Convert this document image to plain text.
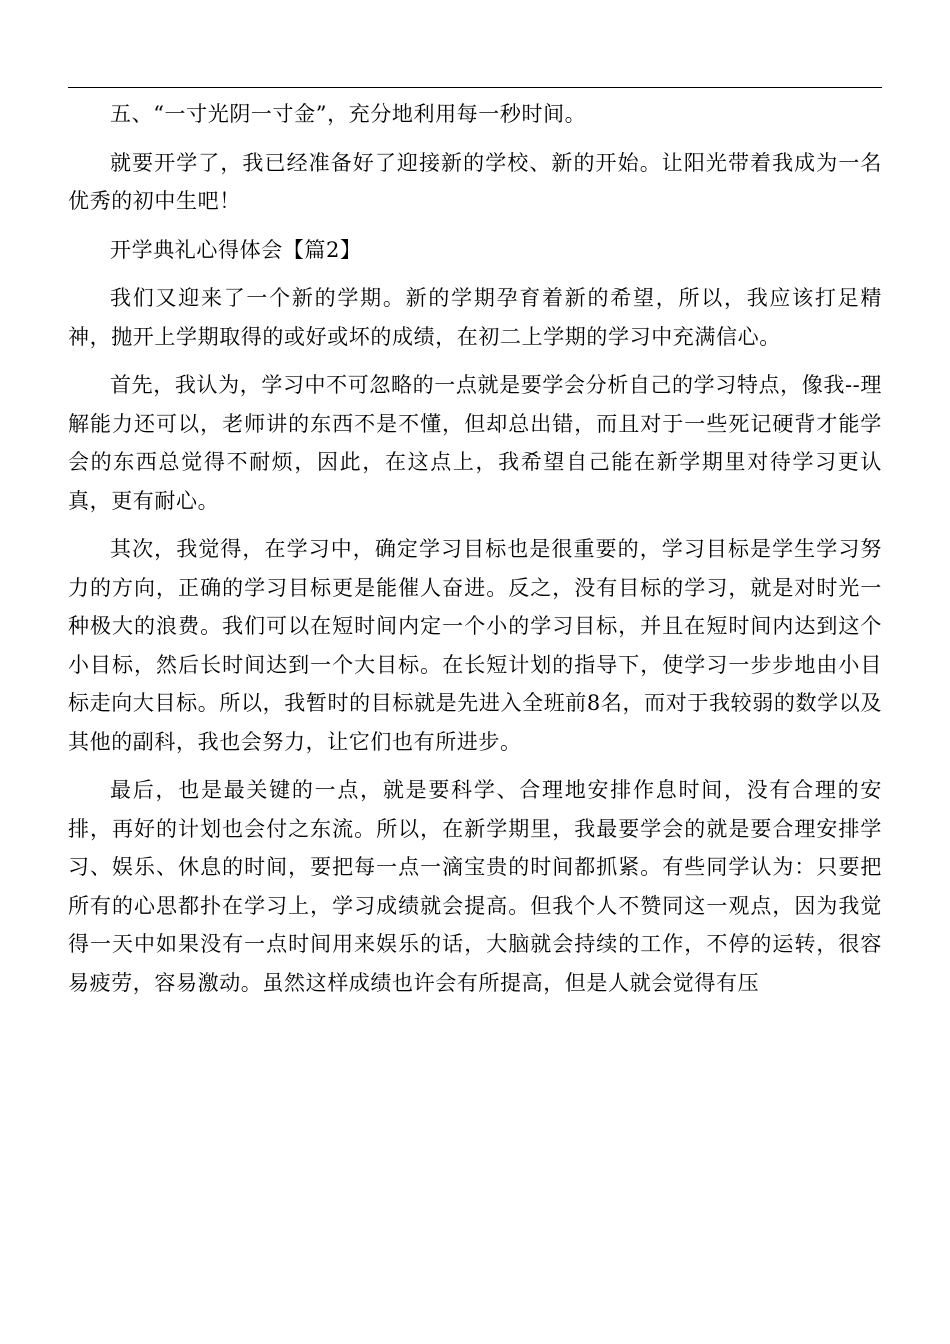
五、“一寸光阴一寸金”，充分地利用每一秒时间。

就要开学了，我已经准备好了迎接新的学校、新的开始。让阳光带着我成为一名优秀的初中生吧！

开学典礼心得体会【篇2】

我们又迎来了一个新的学期。新的学期孕育着新的希望，所以，我应该打足精神，抛开上学期取得的或好或坏的成绩，在初二上学期的学习中充满信心。

首先，我认为，学习中不可忽略的一点就是要学会分析自己的学习特点，像我--理解能力还可以，老师讲的东西不是不懂，但却总出错，而且对于一些死记硬背才能学会的东西总觉得不耐烦，因此，在这点上，我希望自己能在新学期里对待学习更认真，更有耐心。

其次，我觉得，在学习中，确定学习目标也是很重要的，学习目标是学生学习努力的方向，正确的学习目标更是能催人奋进。反之，没有目标的学习，就是对时光一种极大的浪费。我们可以在短时间内定一个小的学习目标，并且在短时间内达到这个小目标，然后长时间达到一个大目标。在长短计划的指导下，使学习一步步地由小目标走向大目标。所以，我暂时的目标就是先进入全班前8名，而对于我较弱的数学以及其他的副科，我也会努力，让它们也有所进步。

最后，也是最关键的一点，就是要科学、合理地安排作息时间，没有合理的安排，再好的计划也会付之东流。所以，在新学期里，我最要学会的就是要合理安排学习、娱乐、休息的时间，要把每一点一滴宝贵的时间都抓紧。有些同学认为：只要把所有的心思都扑在学习上，学习成绩就会提高。但我个人不赞同这一观点，因为我觉得一天中如果没有一点时间用来娱乐的话，大脑就会持续的工作，不停的运转，很容易疲劳，容易激动。虽然这样成绩也许会有所提高，但是人就会觉得有压
